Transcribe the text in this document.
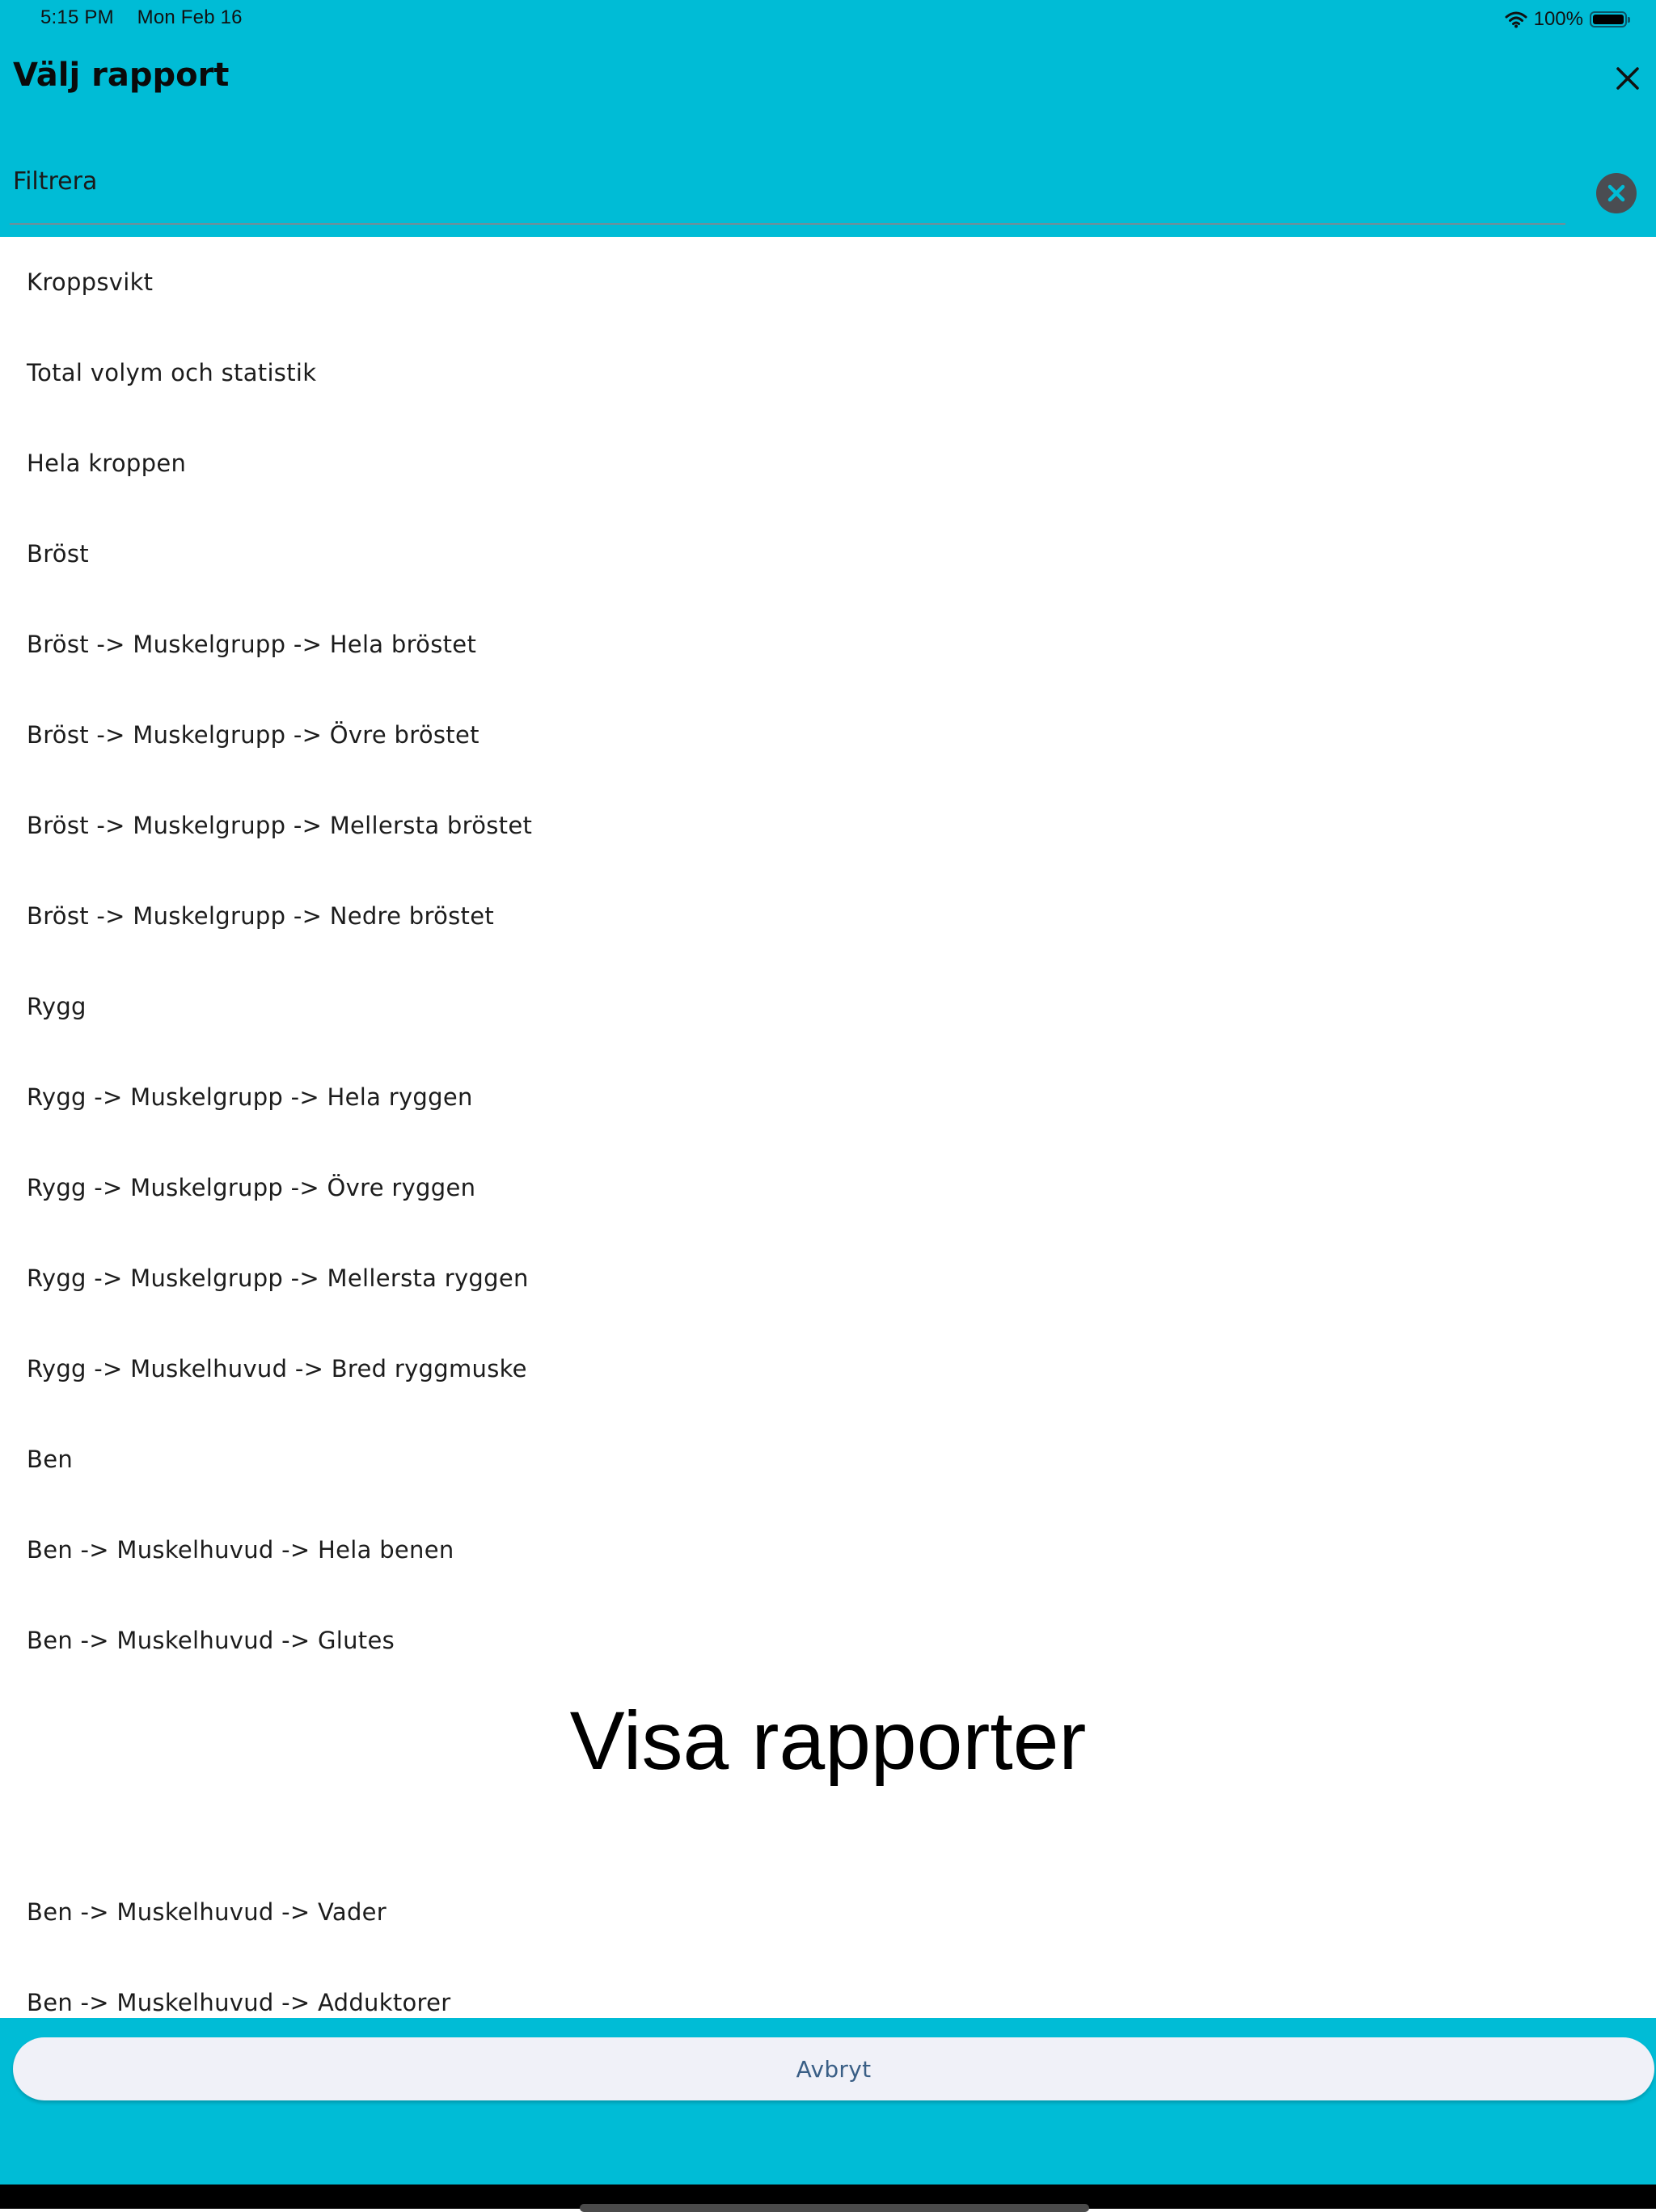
5:15 PM Mon Feb 16	100%
Välj rapport
Filtrera
Kroppsvikt
Total volym och statistik
Hela kroppen
Bröst
Bröst -> Muskelgrupp -> Hela bröstet
Bröst -> Muskelgrupp -> Övre bröstet
Bröst -> Muskelgrupp -> Mellersta bröstet
Bröst -> Muskelgrupp -> Nedre bröstet
Rygg
Rygg -> Muskelgrupp -> Hela ryggen
Rygg -> Muskelgrupp -> Övre ryggen
Rygg -> Muskelgrupp -> Mellersta ryggen
Rygg -> Muskelhuvud -> Bred ryggmuske
Ben
Ben -> Muskelhuvud -> Hela benen
Ben -> Muskelhuvud -> Glutes
Ben -> Muskelhuvud -> Vader
Ben -> Muskelhuvud -> Adduktorer
Visa rapporter
Avbryt
